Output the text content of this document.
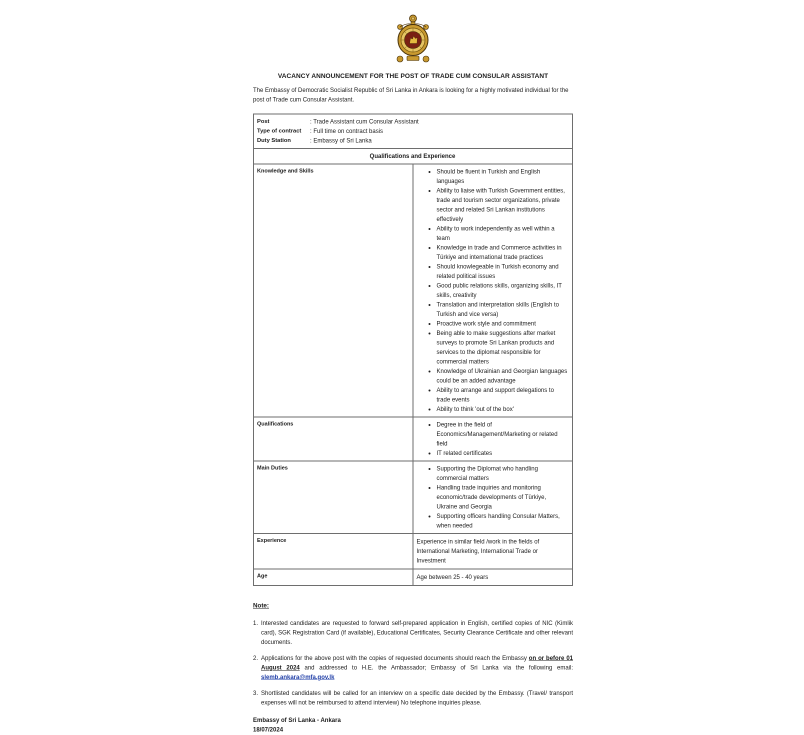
VACANCY ANNOUNCEMENT FOR THE POST OF TRADE CUM CONSULAR ASSISTANT
The Embassy of Democratic Socialist Republic of Sri Lanka in Ankara is looking for a highly motivated individual for the post of Trade cum Consular Assistant.
Post	: Trade Assistant cum Consular Assistant
Type of contract : Full time on contract basis
Duty Station	: Embassy of Sri Lanka

Qualifications and Experience	
Knowledge and Skills	
•Should be fluent in Turkish and English languages
• Ability to liaise with Turkish Government entities, trade and tourism sector organizations, private sector and related Sri Lankan institutions effectively
• Ability to work independently as well within a team
• Knowledge in trade and Commerce activities in Türkiye and international trade practices
• Should knowlegeable in Turkish economy and related political issues
• Good public relations skills, organizing skills, IT skills, creativity
• Translation and interpretation skills (English to Turkish and vice versa)
• Proactive work style and commitment
• Being able to make suggestions after market surveys to promote Sri Lankan products and services to the diplomat responsible for commercial matters
• Knowledge of Ukrainian and Georgian languages could be an added advantage
• Ability to arrange and support delegations to trade events
• Ability to think 'out of the box'

Qualifications	
•Degree in the field of Economics/Management/Marketing or related field
• IT related certificates

Main Duties	
•Supporting the Diplomat who handling commercial matters
• Handling trade inquiries and monitoring economic/trade developments of Türkiye, Ukraine and Georgia
• Supporting officers handling Consular Matters, when needed

Experience	Experience in similar field /work in the fields of International Marketing, International Trade or Investment

Age	Age between 25 - 40 years
Note:
1. Interested candidates are requested to forward self-prepared application in English, certified copies of NIC (Kimlik card), SGK Registration Card (if available), Educational Certificates, Security Clearance Certificate and other relevant documents.
2. Applications for the above post with the copies of requested documents should reach the Embassy on or before 01 August 2024 and addressed to H.E. the Ambassador; Embassy of Sri Lanka via the following email: slemb.ankara@mfa.gov.lk
3. Shortlisted candidates will be called for an interview on a specific date decided by the Embassy. (Travel/ transport expenses will not be reimbursed to attend interview) No telephone inquiries please.
Embassy of Sri Lanka - Ankara
18/07/2024
